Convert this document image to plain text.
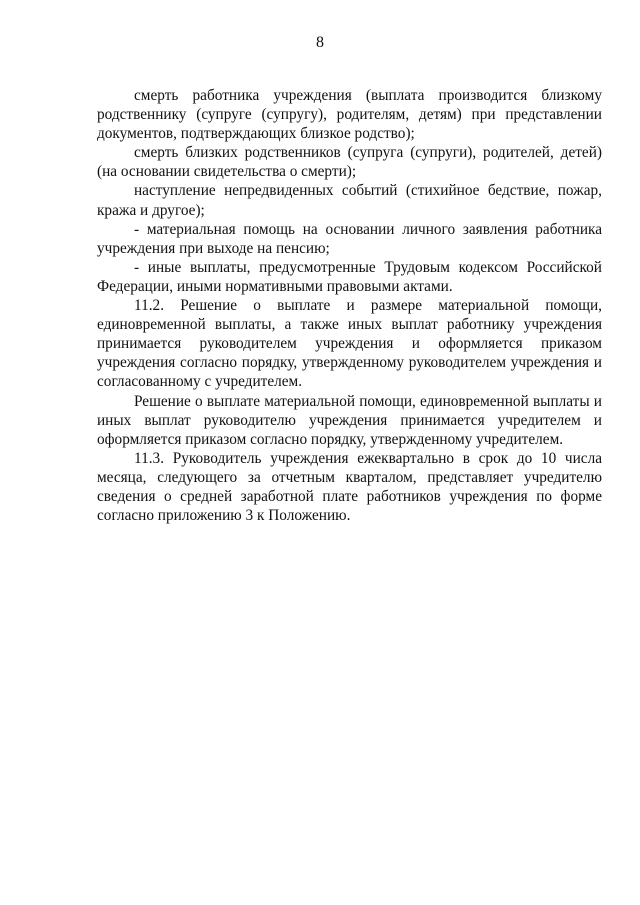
8

смерть работника учреждения (выплата производится близкому родственнику (супруге (супругу), родителям, детям) при представлении документов, подтверждающих близкое родство);

смерть близких родственников (супруга (супруги), родителей, детей) (на основании свидетельства о смерти);

наступление непредвиденных событий (стихийное бедствие, пожар, кража и другое);

- материальная помощь на основании личного заявления работника учреждения при выходе на пенсию;

- иные выплаты, предусмотренные Трудовым кодексом Российской Федерации, иными нормативными правовыми актами.

11.2. Решение о выплате и размере материальной помощи, единовременной выплаты, а также иных выплат работнику учреждения принимается руководителем учреждения и оформляется приказом учреждения согласно порядку, утвержденному руководителем учреждения и согласованному с учредителем.

Решение о выплате материальной помощи, единовременной выплаты и иных выплат руководителю учреждения принимается учредителем и оформляется приказом согласно порядку, утвержденному учредителем.

11.3. Руководитель учреждения ежеквартально в срок до 10 числа месяца, следующего за отчетным кварталом, представляет учредителю сведения о средней заработной плате работников учреждения по форме согласно приложению 3 к Положению.
